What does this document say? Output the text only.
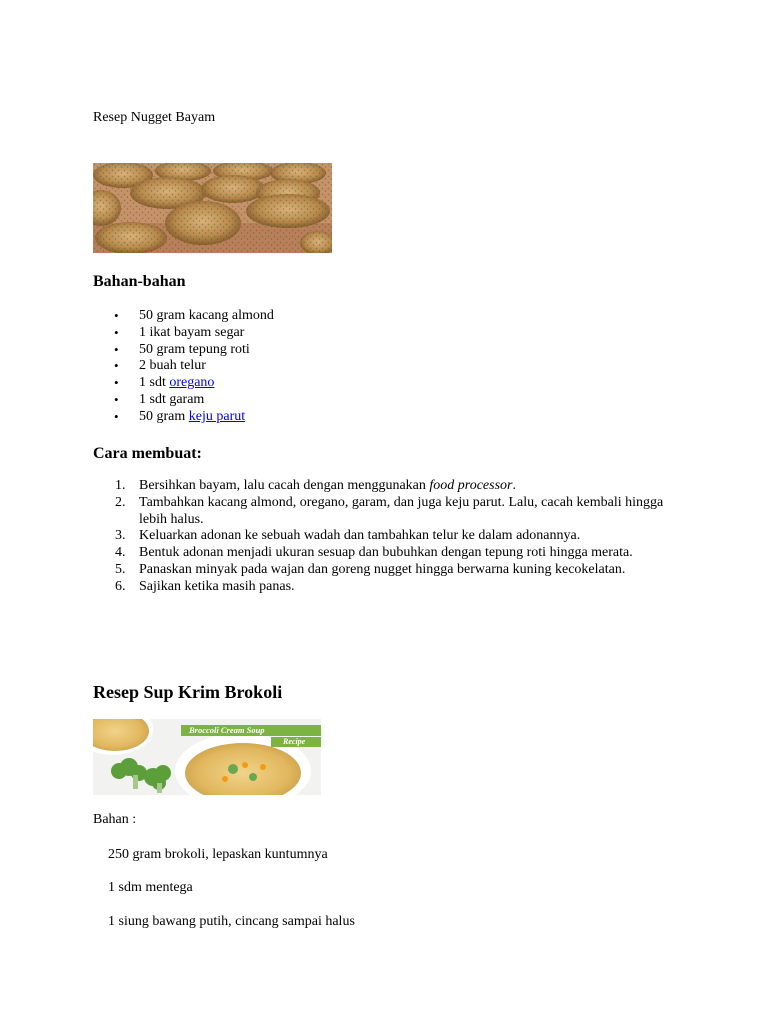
Resep Nugget Bayam

Bahan-bahan
• 50 gram kacang almond
• 1 ikat bayam segar
• 50 gram tepung roti
• 2 buah telur
• 1 sdt oregano
• 1 sdt garam
• 50 gram keju parut
Cara membuat:
1. Bersihkan bayam, lalu cacah dengan menggunakan food processor.
2. Tambahkan kacang almond, oregano, garam, dan juga keju parut. Lalu, cacah kembali hingga lebih halus.
3. Keluarkan adonan ke sebuah wadah dan tambahkan telur ke dalam adonannya.
4. Bentuk adonan menjadi ukuran sesuap dan bubuhkan dengan tepung roti hingga merata.
5. Panaskan minyak pada wajan dan goreng nugget hingga berwarna kuning kecokelatan.
6. Sajikan ketika masih panas.
Resep Sup Krim Brokoli
Broccoli Cream Soup
Recipe

Bahan :

250 gram brokoli, lepaskan kuntumnya

1 sdm mentega

1 siung bawang putih, cincang sampai halus
